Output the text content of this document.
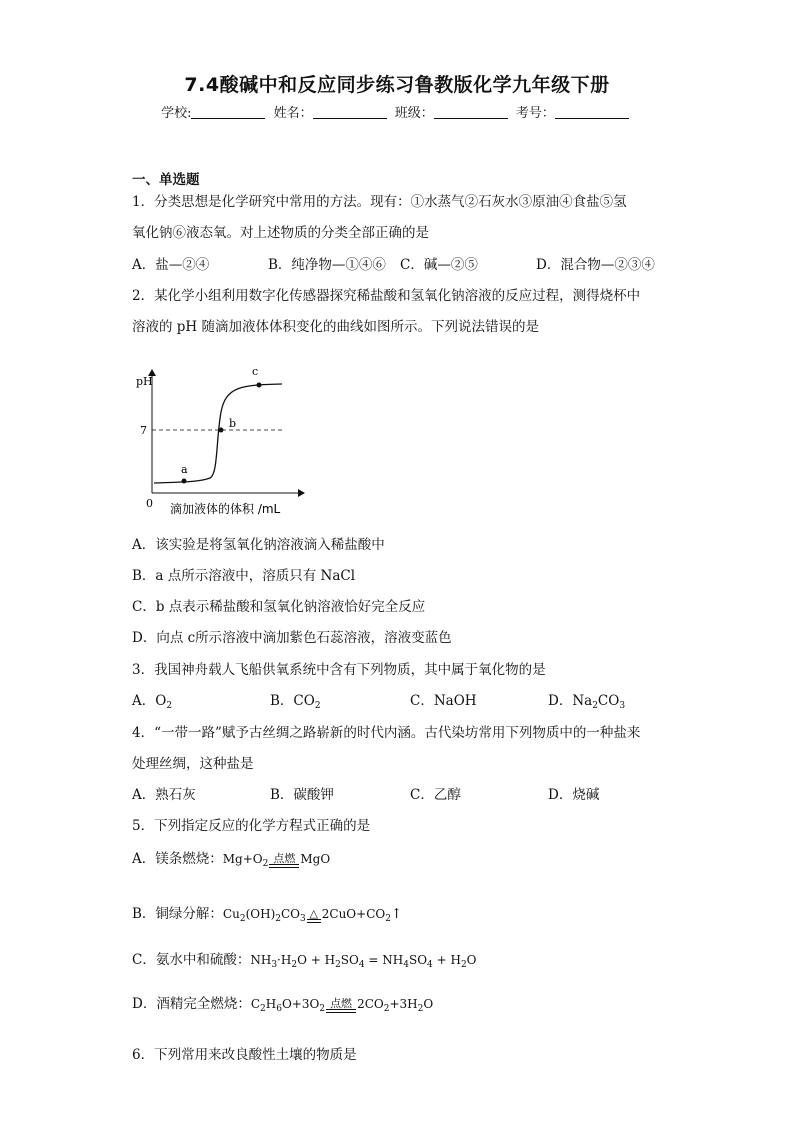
7.4酸碱中和反应同步练习鲁教版化学九年级下册
学校:	姓名：	班级：	考号：
一、单选题
1．分类思想是化学研究中常用的方法。现有：①水蒸气②石灰水③原油④食盐⑤氢
氧化钠⑥液态氧。对上述物质的分类全部正确的是
A．盐—②④	B．纯净物—①④⑥ C．碱—②⑤	D．混合物—②③④
2．某化学小组利用数字化传感器探究稀盐酸和氢氧化钠溶液的反应过程，测得烧杯中
溶液的 pH 随滴加液体体积变化的曲线如图所示。下列说法错误的是
a
b
c
pH
7
0 滴加液体的体积 /mL
A．该实验是将氢氧化钠溶液滴入稀盐酸中
B．a 点所示溶液中，溶质只有 NaCl
C．b 点表示稀盐酸和氢氧化钠溶液恰好完全反应
D．向点 c所示溶液中滴加紫色石蕊溶液，溶液变蓝色
3．我国神舟载人飞船供氧系统中含有下列物质，其中属于氧化物的是
A．$O_2$	B．$CO_2$	C．NaOH	D．$Na_2CO_3$
4．“一带一路”赋予古丝绸之路崭新的时代内涵。古代染坊常用下列物质中的一种盐来
处理丝绸，这种盐是
A．熟石灰	B．碳酸钾	C．乙醇	D．烧碱
5．下列指定反应的化学方程式正确的是
A．镁条燃烧：$Mg+O_2$ 点燃 MgO
B．铜绿分解：$Cu_2(OH)_2CO_3$ △ $2CuO+CO_2↑$
C．氨水中和硫酸：$NH_3\cdot H_2O + H_2SO_4 = NH_4SO_4 + H_2O$
D．酒精完全燃烧：$C_2H_6O+3O_2$ 点燃 $2CO_2+3H_2O$
6．下列常用来改良酸性土壤的物质是
